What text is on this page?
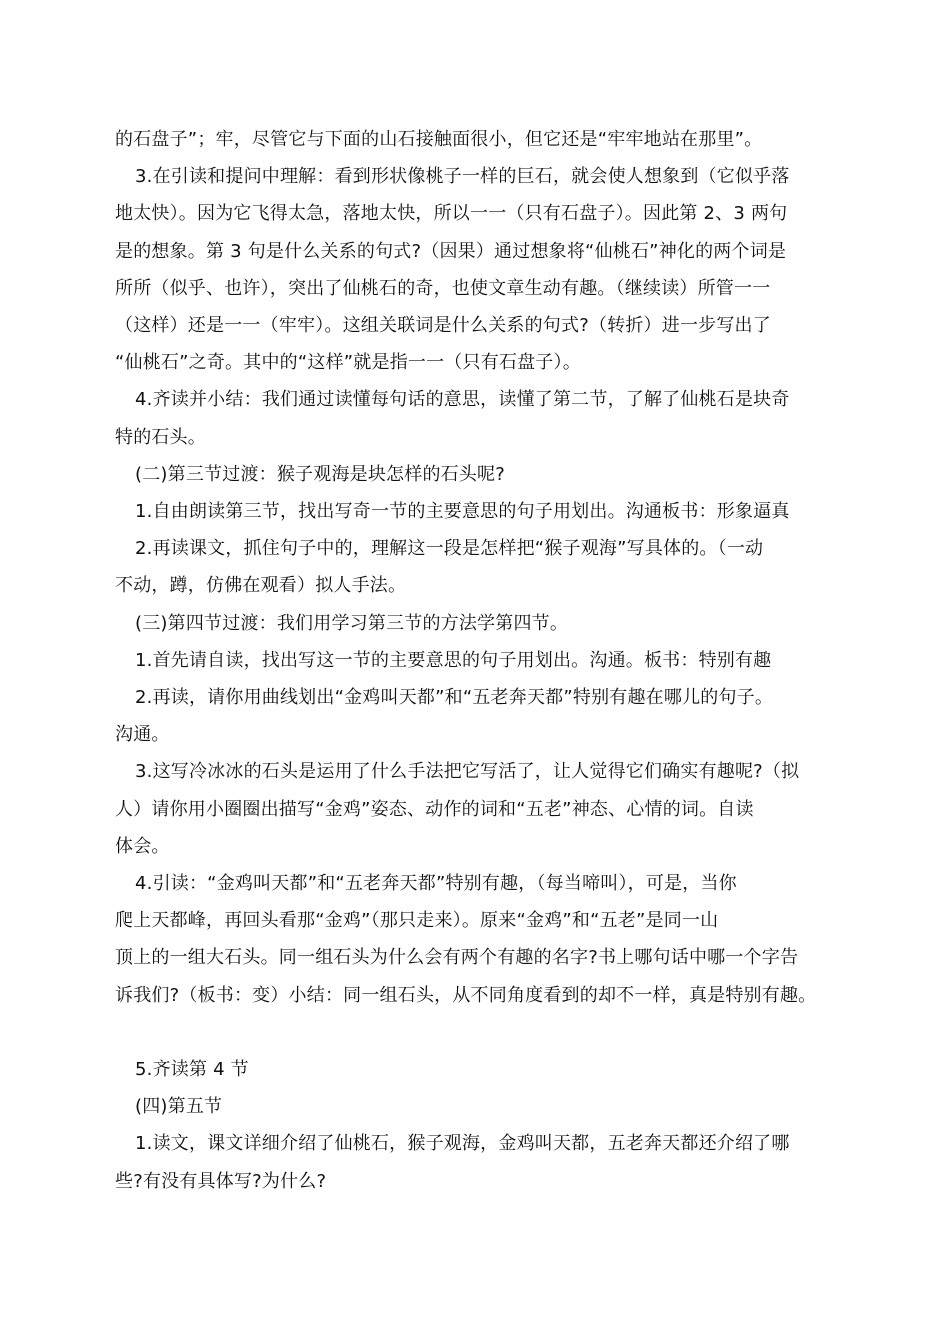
的石盘子”；牢，尽管它与下面的山石接触面很小，但它还是“牢牢地站在那里”。

3.在引读和提问中理解：看到形状像桃子一样的巨石，就会使人想象到（它似乎落

地太快）。因为它飞得太急，落地太快，所以一一（只有石盘子）。因此第 2、3 两句

是的想象。第 3 句是什么关系的句式?（因果）通过想象将“仙桃石”神化的两个词是

所所（似乎、也许），突出了仙桃石的奇，也使文章生动有趣。（继续读）所管一一

（这样）还是一一（牢牢）。这组关联词是什么关系的句式?（转折）进一步写出了

“仙桃石”之奇。其中的“这样”就是指一一（只有石盘子）。

4.齐读并小结：我们通过读懂每句话的意思，读懂了第二节，了解了仙桃石是块奇

特的石头。

(二)第三节过渡：猴子观海是块怎样的石头呢?

1.自由朗读第三节，找出写奇一节的主要意思的句子用划出。沟通板书：形象逼真

2.再读课文，抓住句子中的，理解这一段是怎样把“猴子观海”写具体的。（一动

不动，蹲，仿佛在观看）拟人手法。

(三)第四节过渡：我们用学习第三节的方法学第四节。

1.首先请自读，找出写这一节的主要意思的句子用划出。沟通。板书：特别有趣

2.再读，请你用曲线划出“金鸡叫天都”和“五老奔天都”特别有趣在哪儿的句子。

沟通。

3.这写冷冰冰的石头是运用了什么手法把它写活了，让人觉得它们确实有趣呢?（拟

人）请你用小圈圈出描写“金鸡”姿态、动作的词和“五老”神态、心情的词。自读

体会。

4.引读：“金鸡叫天都”和“五老奔天都”特别有趣，（每当啼叫），可是，当你

爬上天都峰，再回头看那“金鸡”（那只走来）。原来“金鸡”和“五老”是同一山

顶上的一组大石头。同一组石头为什么会有两个有趣的名字?书上哪句话中哪一个字告

诉我们?（板书：变）小结：同一组石头，从不同角度看到的却不一样，真是特别有趣。

5.齐读第 4 节

(四)第五节

1.读文，课文详细介绍了仙桃石，猴子观海，金鸡叫天都，五老奔天都还介绍了哪

些?有没有具体写?为什么?
